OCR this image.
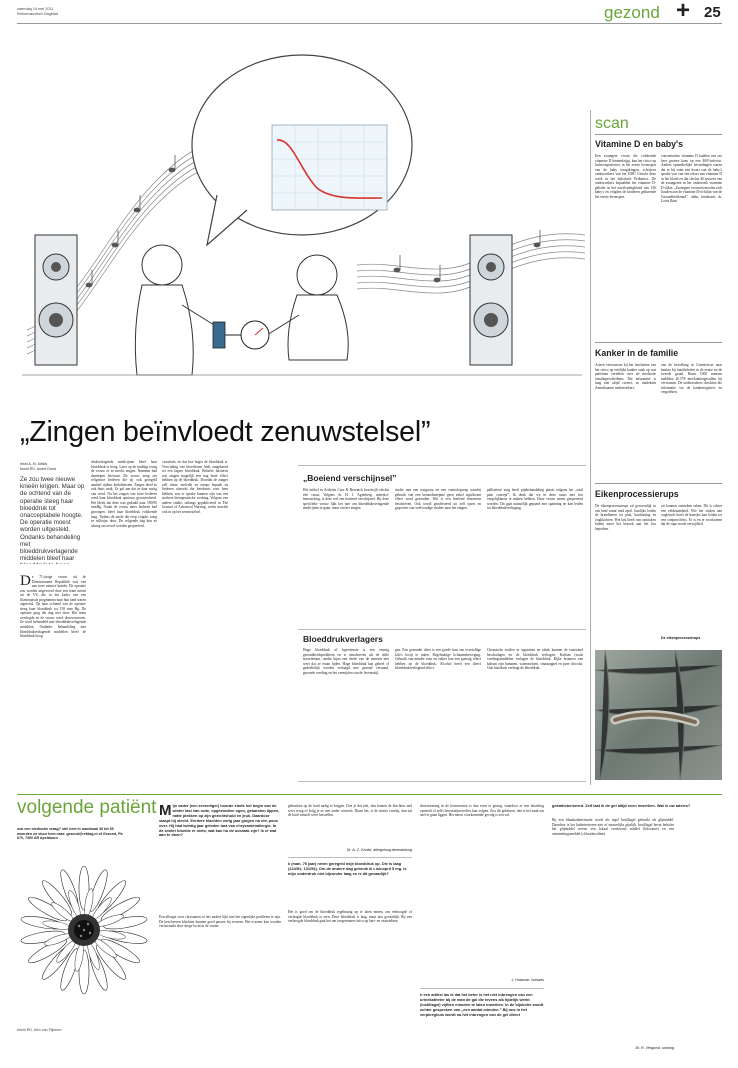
zaterdag 14 mei 2011
Reformatorisch Dagblad	gezond + 25
„Zingen beïnvloedt zenuwstelsel”
tekst A. M. Albkis
beeld RD, André Dorst
Ze zou twee nieuwe knieën krijgen. Maar op de ochtend van de operatie steeg haar bloeddruk tot onacceptabele hoogte. De operatie moest worden uitgesteld. Ondanks behandeling met bloeddrukverlagende middelen bleef haar
De 71-jarige vrouw uit de Dominicaanse Republiek was van aan twee nieuwe knieën. De operatie zou worden uitgevoerd door een team artsen uit de VS, die in het kader van een filantropisch programma naar hun land waren afgereisd. Op haar ochtend van de operatie steeg haar bloeddruk tot 150 mm Hg. De operatie ging die dag niet door. Het team overlegde en de vrouw werd doorverwezen. Ze werd behandeld met bloeddrukverlagende middelen. Ondanks behandeling met bloeddrukverlagende middelen bleef de bloeddruk hoog.
drukverlagende medicijnen bleef haar bloeddruk te hoog. Later op de middag vroeg de vrouw of ze mocht zingen. Nummer had daartegen bezwaar. De vrouw zong zes religieuze liederen die zij ook geregeld aanhief tijdens kerkdiensten. Zingen deed ze ook thuis vaak. Ze gaf aan dat ze daar rustig van werd. Na het zingen van twee liederen werd haar bloeddruk opnieuw gecontroleerd. Het bleek dat deze was gedaald naar 180/90 mmHg. Nadat de vrouw meer liederen had gezongen, bleef haar bloeddruk voldoende laag. Tijdens de nacht die erop volgde, zong ze stilletjes door. De volgende dag kon ze alsnog succesvol worden geopereerd.
circulatie, en dus hoe hoger de bloeddruk is. Verwijding van bloedvaten leidt omgekeerd tot een lagere bloeddruk. Behalve luisteren zou zingen mogelijk een nog beter effect hebben op de bloeddruk. Doordat de zanger zelf ritme, melodie en tempo bepaalt en liederen uitzoekt die betekenis voor hem hebben, zou er sprake kunnen zijn van een sterkere therapeutische werking. Volgens een andere studie, onlangs gepubliceerd in The Journal of Advanced Nursing, werkt muziek ook in op het zenuwstelsel.
„Boeiend verschijnsel”
Het artikel in Arthritis Care & Research beschrijft slechts één casus. Volgens dr. H. J. Agterberg, internist-hematoloog, is deze wel een boeiend verschijnsel. Bij deze specifieke vrouw lijkt het niet om bloeddrukverlagende medicijnen te gaan, maar om het zingen.
studie met een testgroep en een controlegroep waarbij gebruik van een benzodiazepine geen enkel significant effect werd gevonden. Wel is een boeiend fenomeen beschreven. Ook wordt geadviseerd uit zelf opzet en gegevens van veelvoudige studies naar het zingen.
palliatieve zorg heeft pijnbehandeling plaats volgens het „total pain concept”. Ik denk dat we in deze casus met iets vergelijkbaars te maken hebben. Deze vrouw moest geopereerd worden. Dit gaat natuurlijk gepaard met spanning en kan leiden tot bloeddrukverhoging.
Bloeddrukverlagers
Hoge bloeddruk of hypertensie is een ernstig gezondheidsprobleem en is omschreven als de stille moordenaar, omdat bijna een derde van de mensen niet weet dat ze eraan lijden. Hoge bloeddruk kan geheel of gedeeltelijk worden verlaagd met gezond verstand, gezonde voeding en het vermijden van de levensstijl.
gen. Een gezonder dieet is een goede start om overtollige kilo's kwijt te raken. Regelmatige lichaamsbeweging. Gebruik van minder zout en suiker kan een gunstig effect hebben op de bloeddruk. Alcohol heeft een direct bloeddrukverhogend effect.
Chemische stoffen in sigaretten en tabak kunnen de vaatwand beschadigen en de bloeddruk verhogen. Kalium (zoals voedingsmiddelen verlagen de bloeddruk. Rijke bronnen van kalium zijn bananen, watermeloen, sinaasappel en pure chocola. Ook knoflook verlaagt de bloeddruk.
scan
Vitamine D en baby's
Een zwangere vrouw die voldoende vitamine D binnenkrijgt, kan het risico op luchtweginfecties in het eerste levensjaar van de baby terugdringen, schrijven onderzoekers van het UMC Utrecht deze week in het tijdschrift Pediatrics. De onderzoekers bepaalden het vitamine D-gehalte in het navelstrengbloed van 156 baby's en volgden de kinderen gedurende het eerste levensjaar.
concentraties vitamine D hadden een zes keer grotere kans op een RSV-infectie. Andere opmerkelijke bevindingen waren dat er bij ruim een kwart van de baby's sprake was van een tekort aan vitamine D in het bloed en dat slechts 46 procent van de zwangeren in het onderzoek vitamine D slikte. „Zwangere vrouwen moeten zich houden aan de vitamine D-richtlijn van de Gezondheidsraad”, aldus kinderarts dr. Louis Bont.
Kanker in de familie
Artsen vertrouwen bij het inschatten van het risico op erfelijke kanker vaak op wat patiënten vertellen over de medische familiegeschiedenis. Die informatie is lang niet altijd correct, zo ontdekten Amerikaanse onderzoekers.
van de bevolking in Connecticut naar kanker bij familieleden in de eerste en de tweede graad. Ruim 1000 mensen meldden 20.578 niet-kankergevallen bij verwanten. De onderzoekers checkten die informatie via de kankerregisters en vergeleken.
Eikenprocessierups
De eikenprocessierups zit gewoonlijk in ons land vanaf eind april. Jaarlijks leiden de brandharen tot jeuk, huiduitslag en oogklachten. Wie last heeft van ontstoken bulten moet het bezoek aan het bos beperken.
uit kunnen ontstoken raken. Dit is echter een zeldzaamheid. Wie het stoken aan oogletsels heeft de haartjes kan leiden tot een conjunctivitis. Er is en te voorkomen dat de rups wordt verwijderd.
De eikenprocessierups
volgende patiënt
ook een medische vraag? stel hem in maximaal 30 tot 35 woorden en stuur hem naar: gezond@refdag.nl of Gezond, Pb 670, 7300 AR Apeldoorn
beeld RD, Alex van Pijkeren
Mijn vader (een zeventiger) hoorde sinds het begin van de winter last van rode, opgezwollen ogen, gebarsten lippen, natte plekken op zijn gezichtshuid en jeuk. Daardoor slaapt hij slecht. Eerdere klachten vorig jaar gingen na een poos over. Hij had twintig jaar geleden last van chrysantenallergie. In de winter bloeide er niets; wat kan hu de oorzaak zijn? Is er wat aan te doen?
Een allergie voor chrysanten of iets anders lijkt niet het eigenlijke probleem te zijn. De beschreven klachten kunnen goed passen bij eczeem. Het eczeem kan worden veroorzaakt door droge lucht in de winter.
gebruiken op de huid nadig te krijgen. Doe je dat niet, dan komen de klachten snel weer terug of krijg je ze niet onder controle. Duurt het, is de winter voorbij, dan zal de huid vanzelf weer herstellen.
Dr. A. C. Knulst, allergoloog-dermatoloog
k (man, 76 jaar) neem geregeld mijn bloeddruk op. Die is laag (124/51; 131/54). Om de andere dag gebruik ik Lisinopril 5 mg. Is mijn onderdruk niet bijzonder laag en is dit gevaarlijk?
Het is goed om de bloeddruk regelmatig op te laten meten, om verhoogde of verlaagde bloeddruk te zien. Deze bloeddruk is laag, maar niet gevaarlijk. Bij een verhoogde bloeddruk gaat het om toegenomen risico op hart- en vaatziekten.
doorstroming in de hersenvaten is dan even te gering, waardoor er een duizeling optreedt of zelfs bewustzijnsverlies kan volgen. Zou dit gebeuren, dan is het zaak om snel te gaan liggen. Het meest voorkomende gevolg is een val.
J. Huisman, huisarts
n een artikel las ik dat het beter is het niet inbrengen van een urinekatheter bij de man de gal die tevens als tijdelijk werkt (instillagel) vijftien minuten te laten inwerken. In de bijsluiter wordt echter gesproken van „een aantal minuten.” Bij ons in het verpleeghuis wordt na het inbrengen van de gel direct
gekatheteriseerd. Zelf laat ik de gel altijd even inwerken. Wat is uw advies?
Bij een blaaskatheterisatie wordt als regel Instillagel gebruikt als glijmiddel. Daardoor is het katheteriseren niet of nauwelijks pijnlijk. Instillagel bevat behalve het glijmiddel tevens een lokaal verdovend middel (lidocaïne) en een ontsmettingsmiddel (chloorhexidine).
Dr. R. Vergunst, uroloog
